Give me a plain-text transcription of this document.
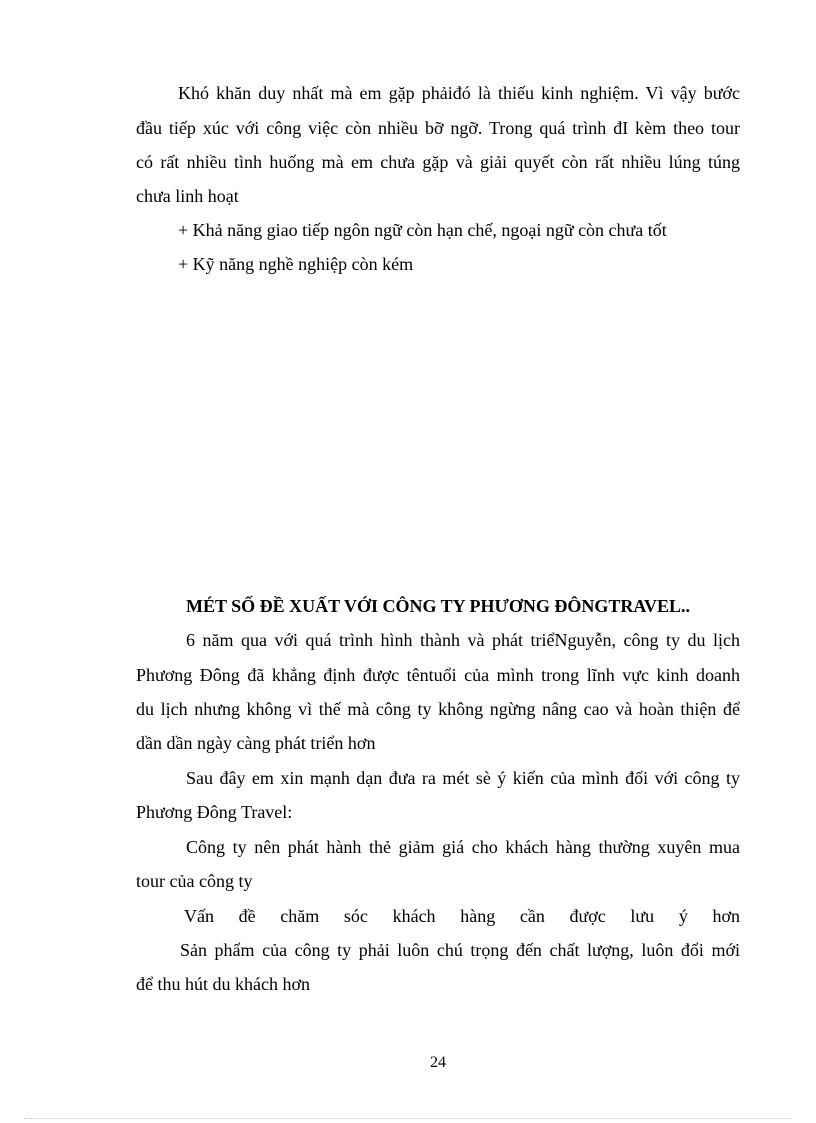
Khó khăn duy nhất mà em gặp phảiđó là thiếu kinh nghiệm. Vì vậy bước
đầu tiếp xúc với công việc còn nhiều bỡ ngỡ. Trong quá trình đI kèm theo tour
có rất nhiều tình huống mà em chưa gặp và giải quyết còn rất nhiều lúng túng
chưa linh hoạt
+ Khả năng giao tiếp ngôn ngữ còn hạn chế, ngoại ngữ còn chưa tốt
+ Kỹ năng nghề nghiệp còn kém
MÉT SỐ ĐỀ XUẤT VỚI CÔNG TY PHƯƠNG ĐÔNGTRAVEL..
6 năm qua với quá trình hình thành và phát triểNguyễn, công ty du lịch
Phương Đông đã khẳng định được têntuổi của mình trong lĩnh vực kinh doanh
du lịch nhưng không vì thế mà công ty không ngừng nâng cao và hoàn thiện để
dần dần ngày càng phát triển hơn
Sau đây em xin mạnh dạn đưa ra mét sè ý kiến của mình đối với công ty
Phương Đông Travel:
Công ty nên phát hành thẻ giảm giá cho khách hàng thường xuyên mua
tour của công ty
Vấn   đề   chăm   sóc   khách   hàng   cần   được   lưu   ý   hơn
Sản phẩm của công ty phải luôn chú trọng đến chất lượng, luôn đổi mới
để thu hút du khách hơn
24
